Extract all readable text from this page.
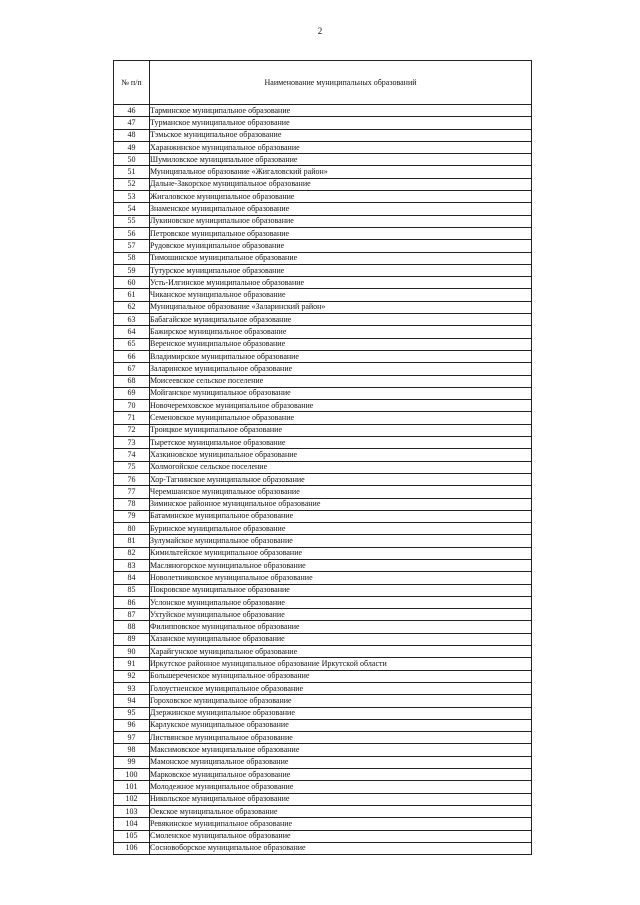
2
№ п/п	Наименование муниципальных образований
46	Тарминское муниципальное образование
47	Турманское муниципальное образование
48	Тэмьское муниципальное образование
49	Харанжинское муниципальное образование
50	Шумиловское муниципальное образование
51	Муниципальное образование «Жигаловский район»
52	Дальне-Закорское муниципальное образование
53	Жигаловское муниципальное образование
54	Знаменское муниципальное образование
55	Лукиновское муниципальное образование
56	Петровское муниципальное образование
57	Рудовское муниципальное образование
58	Тимошинское муниципальное образование
59	Тутурское муниципальное образование
60	Усть-Илгинское муниципальное образование
61	Чиканское муниципальное образование
62	Муниципальное образование «Заларинский район»
63	Бабагайское муниципальное образование
64	Бажирское муниципальное образование
65	Веренское муниципальное образование
66	Владимирское муниципальное образование
67	Заларинское муниципальное образование
68	Моисеевское сельское поселение
69	Мойганское муниципальное образование
70	Новочеремховское муниципальное образование
71	Семеновское муниципальное образование
72	Троицкое муниципальное образование
73	Тыретское муниципальное образование
74	Хазкиновское муниципальное образование
75	Холмогойское сельское поселение
76	Хор-Тагнинское муниципальное образование
77	Черемшанское муниципальное образование
78	Зиминское районное муниципальное образование
79	Батаминское муниципальное образование
80	Буринское муниципальное образование
81	Зулумайское муниципальное образование
82	Кимильтейское муниципальное образование
83	Масляногорское муниципальное образование
84	Новолетниковское муниципальное образование
85	Покровское муниципальное образование
86	Услонское муниципальное образование
87	Ухтуйское муниципальное образование
88	Филипповское муниципальное образование
89	Хазанское муниципальное образование
90	Харайгунское муниципальное образование
91	Иркутское районное муниципальное образование Иркутской области
92	Большереченское муниципальное образование
93	Голоустненское муниципальное образование
94	Гороховское муниципальное образование
95	Дзержинское муниципальное образование
96	Карлукское муниципальное образование
97	Листвянское муниципальное образование
98	Максимовское муниципальное образование
99	Мамонское муниципальное образование
100	Марковское муниципальное образование
101	Молодежное муниципальное образование
102	Никольское муниципальное образование
103	Оекское муниципальное образование
104	Ревякинское муниципальное образование
105	Смоленское муниципальное образование
106	Сосновоборское муниципальное образование
